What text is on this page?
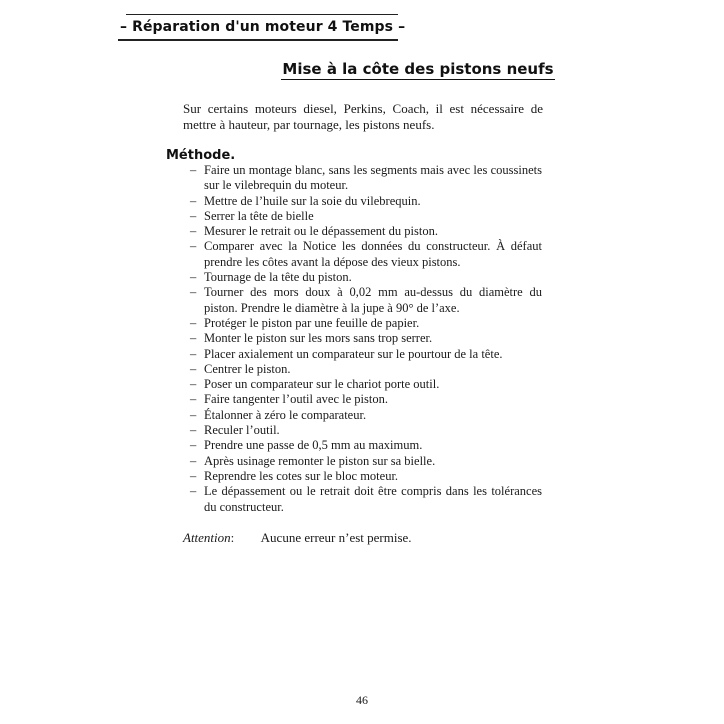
– Réparation d'un moteur 4 Temps –
Mise à la côte des pistons neufs

Sur certains moteurs diesel, Perkins, Coach, il est nécessaire de mettre à hauteur, par tournage, les pistons neufs.

Méthode.
– Faire un montage blanc, sans les segments mais avec les coussinets sur le vilebrequin du moteur.
– Mettre de l’huile sur la soie du vilebrequin.
– Serrer la tête de bielle
– Mesurer le retrait ou le dépassement du piston.
– Comparer avec la Notice les données du constructeur. À défaut prendre les côtes avant la dépose des vieux pistons.
– Tournage de la tête du piston.
– Tourner des mors doux à 0,02 mm au-dessus du diamètre du piston. Prendre le diamètre à la jupe à 90° de l’axe.
– Protéger le piston par une feuille de papier.
– Monter le piston sur les mors sans trop serrer.
– Placer axialement un comparateur sur le pourtour de la tête.
– Centrer le piston.
– Poser un comparateur sur le chariot porte outil.
– Faire tangenter l’outil avec le piston.
– Étalonner à zéro le comparateur.
– Reculer l’outil.
– Prendre une passe de 0,5 mm au maximum.
– Après usinage remonter le piston sur sa bielle.
– Reprendre les cotes sur le bloc moteur.
– Le dépassement ou le retrait doit être compris dans les tolérances du constructeur.
Attention: Aucune erreur n’est permise.
46
